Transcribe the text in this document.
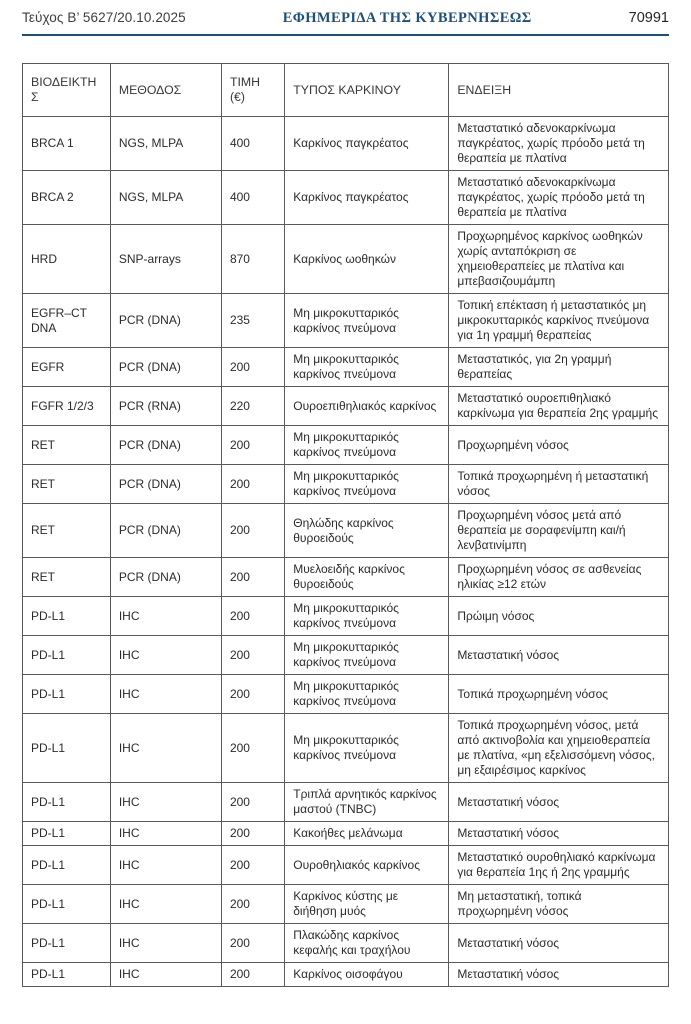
Τεύχος Β’ 5627/20.10.2025	ΕΦΗΜΕΡΙΔΑ ΤΗΣ ΚΥΒΕΡΝΗΣΕΩΣ	70991
ΒΙΟΔΕΙΚΤΗΣ	ΜΕΘΟΔΟΣ	ΤΙΜΗ (€)	ΤΥΠΟΣ ΚΑΡΚΙΝΟΥ	ΕΝΔΕΙΞΗ
BRCA 1	NGS, MLPA	400	Καρκίνος παγκρέατος	Μεταστατικό αδενοκαρκίνωμα παγκρέατος, χωρίς πρόοδο μετά τη θεραπεία με πλατίνα
BRCA 2	NGS, MLPA	400	Καρκίνος παγκρέατος	Μεταστατικό αδενοκαρκίνωμα παγκρέατος, χωρίς πρόοδο μετά τη θεραπεία με πλατίνα
HRD	SNP-arrays	870	Καρκίνος ωοθηκών	Προχωρημένος καρκίνος ωοθηκών χωρίς ανταπόκριση σε χημειοθεραπείες με πλατίνα και μπεβασιζουμάμπη
EGFR–CT DNA	PCR (DNA)	235	Μη μικροκυτταρικός καρκίνος πνεύμονα	Τοπική επέκταση ή μεταστατικός μη μικροκυτταρικός καρκίνος πνεύμονα για 1η γραμμή θεραπείας
EGFR	PCR (DNA)	200	Μη μικροκυτταρικός καρκίνος πνεύμονα	Μεταστατικός, για 2η γραμμή θεραπείας
FGFR 1/2/3	PCR (RNA)	220	Ουροεπιθηλιακός καρκίνος	Μεταστατικό ουροεπιθηλιακό καρκίνωμα για θεραπεία 2ης γραμμής
RET	PCR (DNA)	200	Μη μικροκυτταρικός καρκίνος πνεύμονα	Προχωρημένη νόσος
RET	PCR (DNA)	200	Μη μικροκυτταρικός καρκίνος πνεύμονα	Τοπικά προχωρημένη ή μεταστατική νόσος
RET	PCR (DNA)	200	Θηλώδης καρκίνος θυροειδούς	Προχωρημένη νόσος μετά από θεραπεία με σοραφενίμπη και/ή λενβατινίμπη
RET	PCR (DNA)	200	Μυελοειδής καρκίνος θυροειδούς	Προχωρημένη νόσος σε ασθενείας ηλικίας ≥12 ετών
PD-L1	IHC	200	Μη μικροκυτταρικός καρκίνος πνεύμονα	Πρώιμη νόσος
PD-L1	IHC	200	Μη μικροκυτταρικός καρκίνος πνεύμονα	Μεταστατική νόσος
PD-L1	IHC	200	Μη μικροκυτταρικός καρκίνος πνεύμονα	Τοπικά προχωρημένη νόσος
PD-L1	IHC	200	Μη μικροκυτταρικός καρκίνος πνεύμονα	Τοπικά προχωρημένη νόσος, μετά από ακτινοβολία και χημειοθεραπεία με πλατίνα, «μη εξελισσόμενη νόσος, μη εξαιρέσιμος καρκίνος
PD-L1	IHC	200	Τριπλά αρνητικός καρκίνος μαστού (TNBC)	Μεταστατική νόσος
PD-L1	IHC	200	Κακοήθες μελάνωμα	Μεταστατική νόσος
PD-L1	IHC	200	Ουροθηλιακός καρκίνος	Μεταστατικό ουροθηλιακό καρκίνωμα για θεραπεία 1ης ή 2ης γραμμής
PD-L1	IHC	200	Καρκίνος κύστης με διήθηση μυός	Μη μεταστατική, τοπικά προχωρημένη νόσος
PD-L1	IHC	200	Πλακώδης καρκίνος κεφαλής και τραχήλου	Μεταστατική νόσος
PD-L1	IHC	200	Καρκίνος οισοφάγου	Μεταστατική νόσος
